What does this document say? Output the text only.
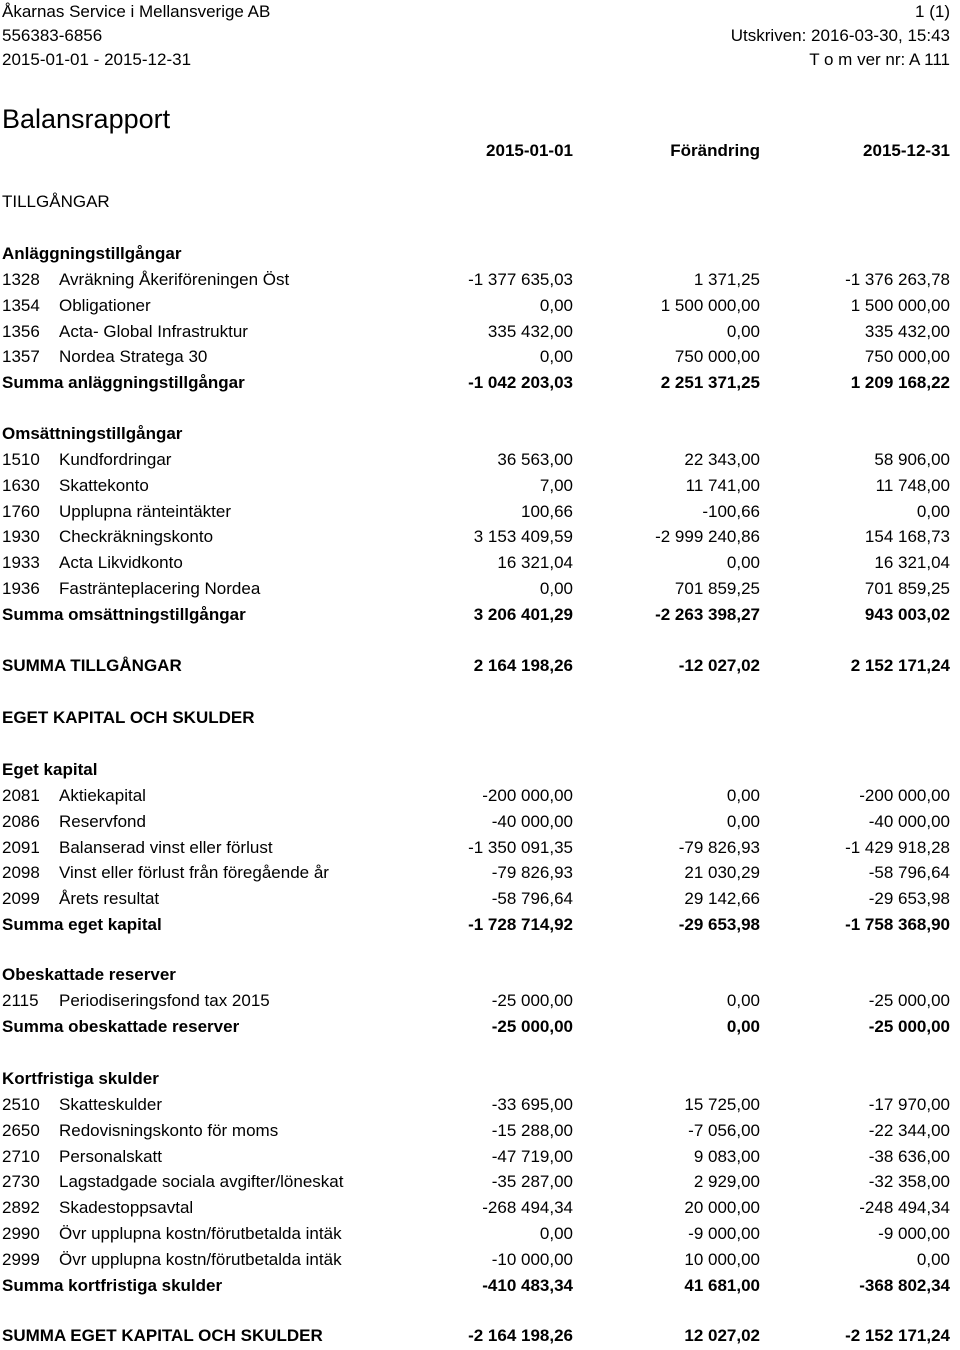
Åkarnas Service i Mellansverige AB	1 (1)
556383-6856	Utskriven: 2016-03-30, 15:43
2015-01-01 - 2015-12-31	T o m ver nr: A 111
Balansrapport
2015-01-01	Förändring	2015-12-31
TILLGÅNGAR
Anläggningstillgångar
1328 Avräkning Åkeriföreningen Öst	-1 377 635,03	1 371,25	-1 376 263,78
1354 Obligationer	0,00	1 500 000,00	1 500 000,00
1356 Acta- Global Infrastruktur	335 432,00	0,00	335 432,00
1357 Nordea Stratega 30	0,00	750 000,00	750 000,00
Summa anläggningstillgångar	-1 042 203,03	2 251 371,25	1 209 168,22
Omsättningstillgångar
1510 Kundfordringar	36 563,00	22 343,00	58 906,00
1630 Skattekonto	7,00	11 741,00	11 748,00
1760 Upplupna ränteintäkter	100,66	-100,66	0,00
1930 Checkräkningskonto	3 153 409,59	-2 999 240,86	154 168,73
1933 Acta Likvidkonto	16 321,04	0,00	16 321,04
1936 Fastränteplacering Nordea	0,00	701 859,25	701 859,25
Summa omsättningstillgångar	3 206 401,29	-2 263 398,27	943 003,02
SUMMA TILLGÅNGAR	2 164 198,26	-12 027,02	2 152 171,24
EGET KAPITAL OCH SKULDER
Eget kapital
2081 Aktiekapital	-200 000,00	0,00	-200 000,00
2086 Reservfond	-40 000,00	0,00	-40 000,00
2091 Balanserad vinst eller förlust	-1 350 091,35	-79 826,93	-1 429 918,28
2098 Vinst eller förlust från föregående år	-79 826,93	21 030,29	-58 796,64
2099 Årets resultat	-58 796,64	29 142,66	-29 653,98
Summa eget kapital	-1 728 714,92	-29 653,98	-1 758 368,90
Obeskattade reserver
2115 Periodiseringsfond tax 2015	-25 000,00	0,00	-25 000,00
Summa obeskattade reserver	-25 000,00	0,00	-25 000,00
Kortfristiga skulder
2510 Skatteskulder	-33 695,00	15 725,00	-17 970,00
2650 Redovisningskonto för moms	-15 288,00	-7 056,00	-22 344,00
2710 Personalskatt	-47 719,00	9 083,00	-38 636,00
2730 Lagstadgade sociala avgifter/löneskat	-35 287,00	2 929,00	-32 358,00
2892 Skadestoppsavtal	-268 494,34	20 000,00	-248 494,34
2990 Övr upplupna kostn/förutbetalda intäk	0,00	-9 000,00	-9 000,00
2999 Övr upplupna kostn/förutbetalda intäk	-10 000,00	10 000,00	0,00
Summa kortfristiga skulder	-410 483,34	41 681,00	-368 802,34
SUMMA EGET KAPITAL OCH SKULDER	-2 164 198,26	12 027,02	-2 152 171,24
